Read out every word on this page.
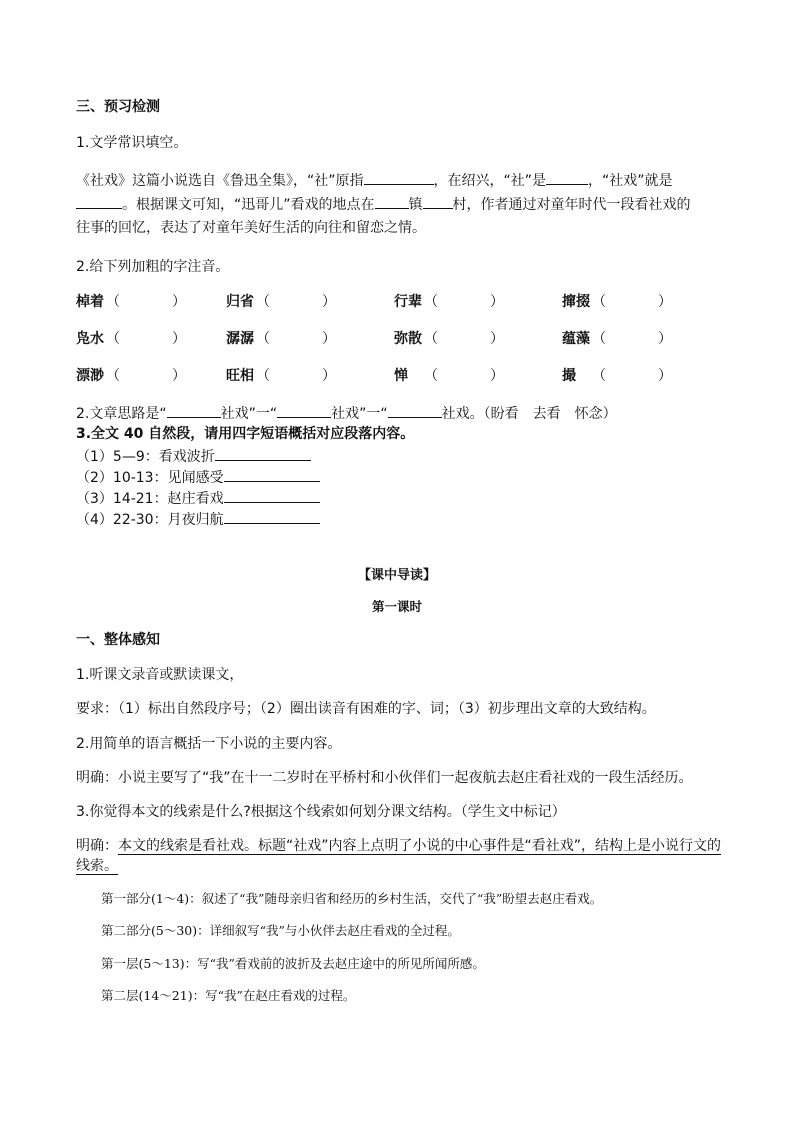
三、预习检测
1.文学常识填空。
《社戏》这篇小说选自《鲁迅全集》，“社”原指	，在绍兴，“社”是	，“社戏”就是
。根据课文可知，“迅哥儿”看戏的地点在 镇 村，作者通过对童年时代一段看社戏的
往事的回忆，表达了对童年美好生活的向往和留恋之情。
2.给下列加粗的字注音。
棹着 （	）	归省 （	）	行辈 （	）	撺掇 （	）
凫水 （	）	潺潺 （	）	弥散 （	）	蕴藻 （	）
漂渺 （	）	旺相 （	）	惮 （	）	撮 （	）
2.文章思路是“	社戏”一“	社戏”一“	社戏。（盼看　去看　怀念）
3.全文 40 自然段，请用四字短语概括对应段落内容。
（1）5—9：看戏波折
（2）10-13：见闻感受
（3）14-21：赵庄看戏
（4）22-30：月夜归航
【课中导读】
第一课时
一、整体感知
1.听课文录音或默读课文，
要求：（1）标出自然段序号；（2）圈出读音有困难的字、词；（3）初步理出文章的大致结构。
2.用简单的语言概括一下小说的主要内容。
明确：小说主要写了“我”在十一二岁时在平桥村和小伙伴们一起夜航去赵庄看社戏的一段生活经历。
3.你觉得本文的线索是什么?根据这个线索如何划分课文结构。（学生文中标记）
明确：本文的线索是看社戏。标题“社戏”内容上点明了小说的中心事件是“看社戏”，结构上是小说行文的线索。
第一部分(1～4)：叙述了“我”随母亲归省和经历的乡村生活，交代了“我”盼望去赵庄看戏。
第二部分(5～30)：详细叙写“我”与小伙伴去赵庄看戏的全过程。
第一层(5～13)：写“我”看戏前的波折及去赵庄途中的所见所闻所感。
第二层(14～21)：写“我”在赵庄看戏的过程。
